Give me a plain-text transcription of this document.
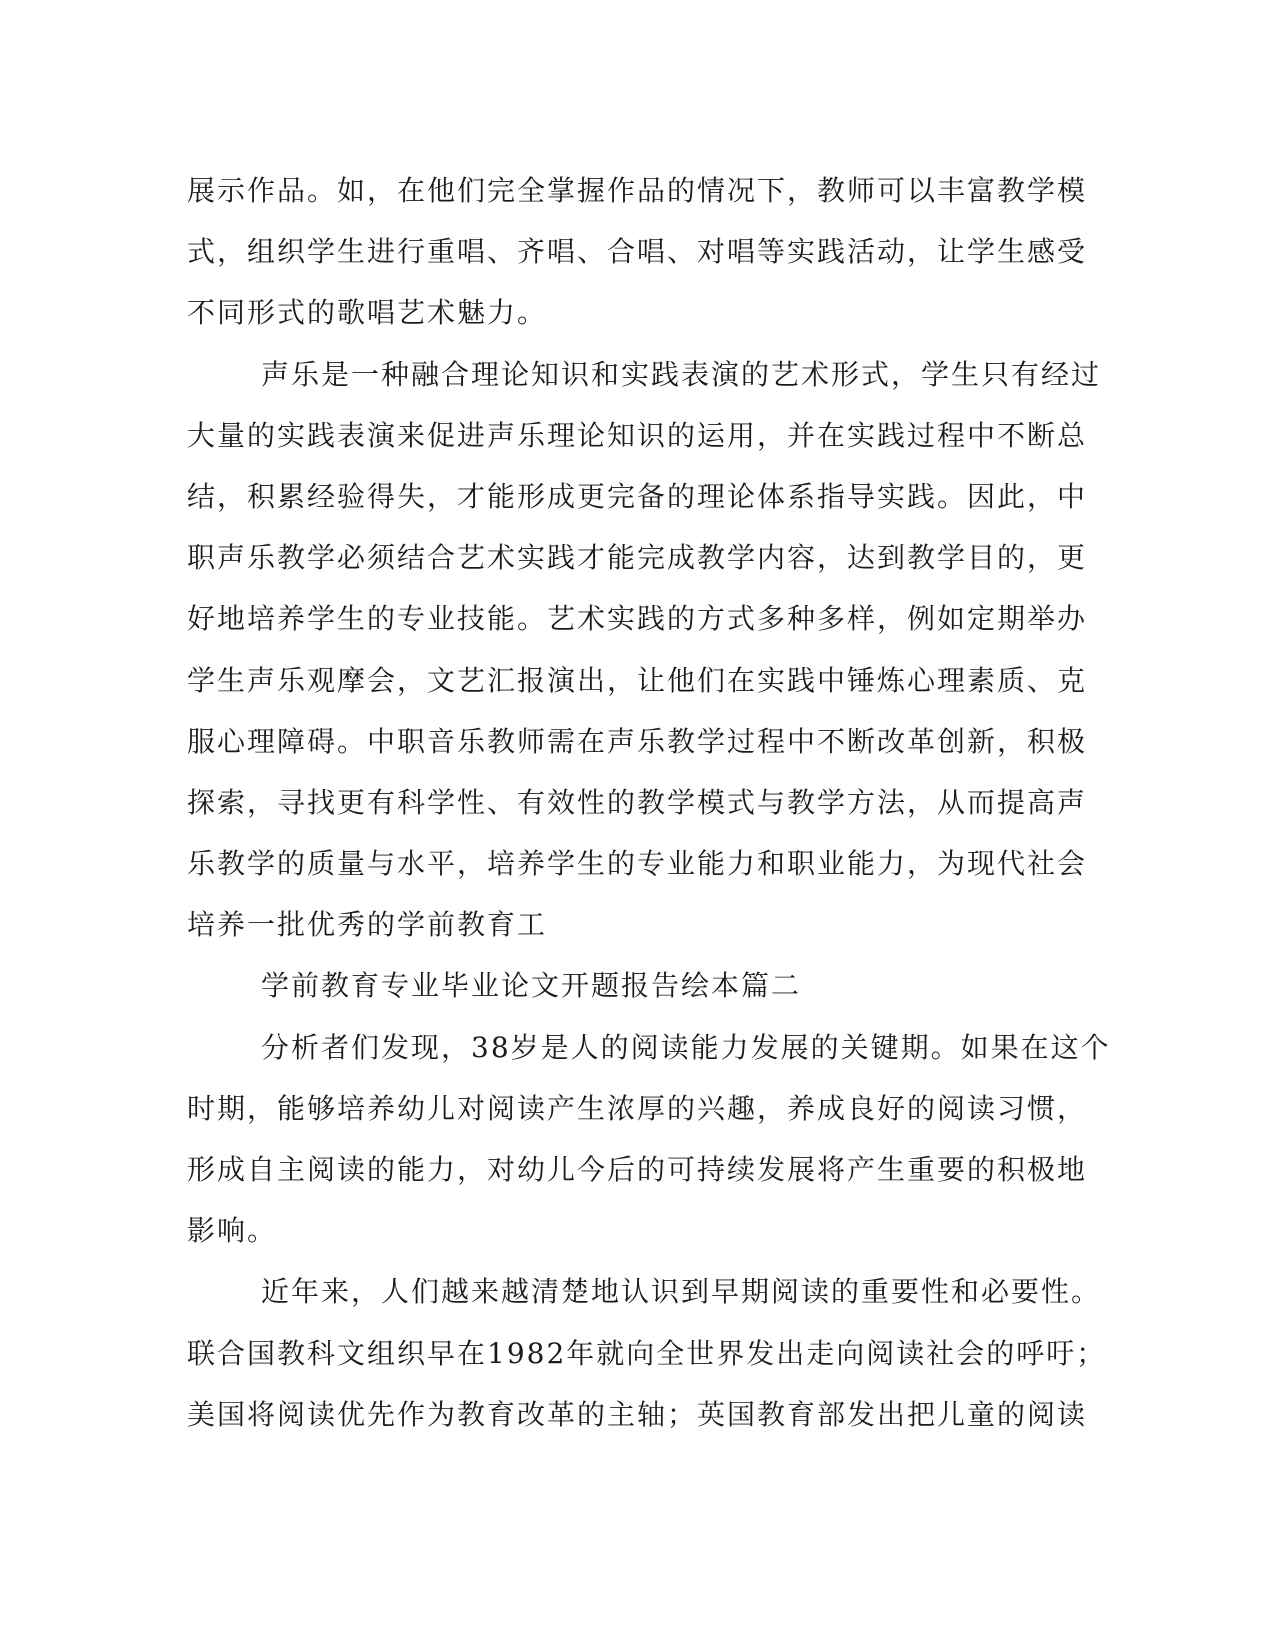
展示作品。如，在他们完全掌握作品的情况下，教师可以丰富教学模
式，组织学生进行重唱、齐唱、合唱、对唱等实践活动，让学生感受
不同形式的歌唱艺术魅力。
声乐是一种融合理论知识和实践表演的艺术形式，学生只有经过
大量的实践表演来促进声乐理论知识的运用，并在实践过程中不断总
结，积累经验得失，才能形成更完备的理论体系指导实践。因此，中
职声乐教学必须结合艺术实践才能完成教学内容，达到教学目的，更
好地培养学生的专业技能。艺术实践的方式多种多样，例如定期举办
学生声乐观摩会，文艺汇报演出，让他们在实践中锤炼心理素质、克
服心理障碍。中职音乐教师需在声乐教学过程中不断改革创新，积极
探索，寻找更有科学性、有效性的教学模式与教学方法，从而提高声
乐教学的质量与水平，培养学生的专业能力和职业能力，为现代社会
培养一批优秀的学前教育工
学前教育专业毕业论文开题报告绘本篇二
分析者们发现，38岁是人的阅读能力发展的关键期。如果在这个
时期，能够培养幼儿对阅读产生浓厚的兴趣，养成良好的阅读习惯，
形成自主阅读的能力，对幼儿今后的可持续发展将产生重要的积极地
影响。
近年来，人们越来越清楚地认识到早期阅读的重要性和必要性。
联合国教科文组织早在1982年就向全世界发出走向阅读社会的呼吁；
美国将阅读优先作为教育改革的主轴；英国教育部发出把儿童的阅读
